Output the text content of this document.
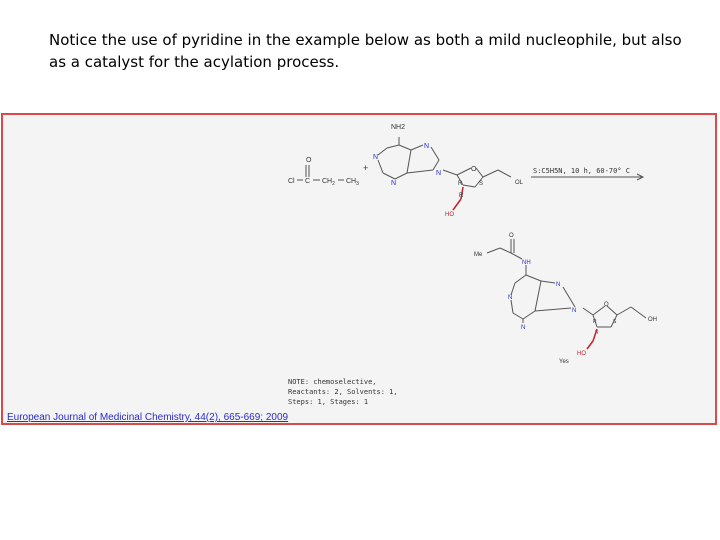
Notice the use of pyridine in the example below as both a mild nucleophile, but also as a catalyst for the acylation process.

O
Cl C $CH_2$ $CH_3$
+
NH2
N
N
N
N
O
R	S
R
HO
OL
S:C5H5N, 10 h, 60-70° C
O
Me
NH
N
N
N
N
O
R	S
R
OH
HO
Yes
NOTE: chemoselective,
Reactants: 2, Solvents: 1,
Steps: 1, Stages: 1
European Journal of Medicinal Chemistry, 44(2), 665-669; 2009
